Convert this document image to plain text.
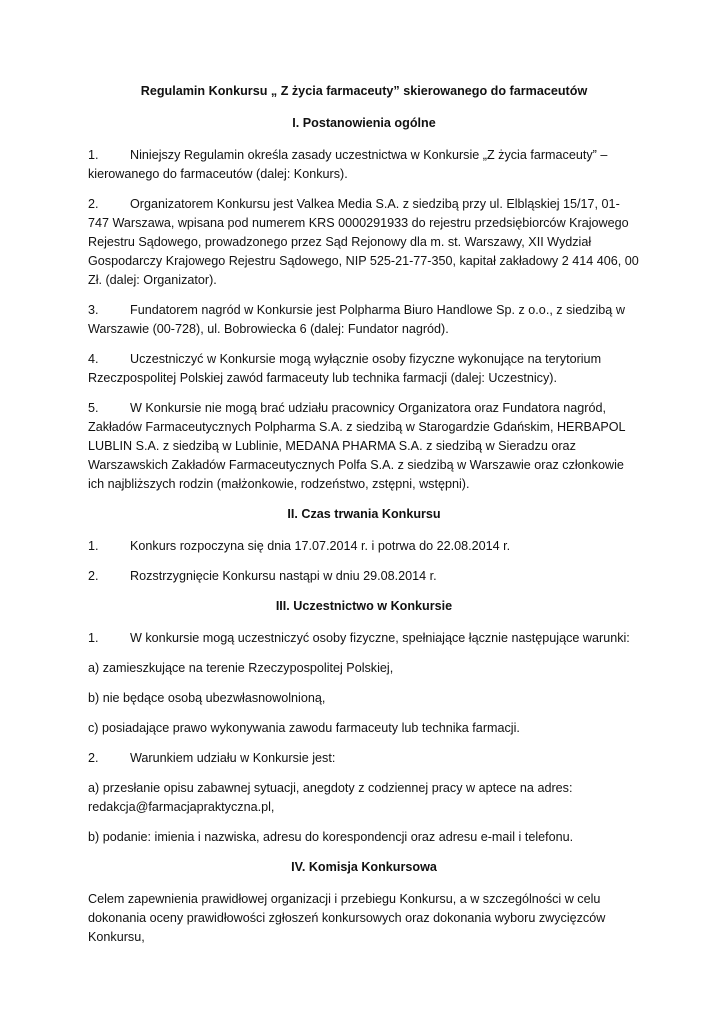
Regulamin Konkursu „ Z życia farmaceuty” skierowanego do farmaceutów

I. Postanowienia ogólne

1. Niniejszy Regulamin określa zasady uczestnictwa w Konkursie „Z życia farmaceuty” – kierowanego do farmaceutów (dalej: Konkurs).

2. Organizatorem Konkursu jest Valkea Media S.A. z siedzibą przy ul. Elbląskiej 15/17, 01-747 Warszawa, wpisana pod numerem KRS 0000291933 do rejestru przedsiębiorców Krajowego Rejestru Sądowego, prowadzonego przez Sąd Rejonowy dla m. st. Warszawy, XII Wydział Gospodarczy Krajowego Rejestru Sądowego, NIP 525-21-77-350, kapitał zakładowy 2 414 406, 00 Zł. (dalej: Organizator).

3. Fundatorem nagród w Konkursie jest Polpharma Biuro Handlowe Sp. z o.o., z siedzibą w Warszawie (00-728), ul. Bobrowiecka 6 (dalej: Fundator nagród).

4. Uczestniczyć w Konkursie mogą wyłącznie osoby fizyczne wykonujące na terytorium Rzeczpospolitej Polskiej zawód farmaceuty lub technika farmacji (dalej: Uczestnicy).

5. W Konkursie nie mogą brać udziału pracownicy Organizatora oraz Fundatora nagród, Zakładów Farmaceutycznych Polpharma S.A. z siedzibą w Starogardzie Gdańskim, HERBAPOL LUBLIN S.A. z siedzibą w Lublinie, MEDANA PHARMA S.A. z siedzibą w Sieradzu oraz Warszawskich Zakładów Farmaceutycznych Polfa S.A. z siedzibą w Warszawie oraz członkowie ich najbliższych rodzin (małżonkowie, rodzeństwo, zstępni, wstępni).

II. Czas trwania Konkursu

1. Konkurs rozpoczyna się dnia 17.07.2014 r. i potrwa do 22.08.2014 r.

2. Rozstrzygnięcie Konkursu nastąpi w dniu 29.08.2014 r.

III. Uczestnictwo w Konkursie

1. W konkursie mogą uczestniczyć osoby fizyczne, spełniające łącznie następujące warunki:

a) zamieszkujące na terenie Rzeczypospolitej Polskiej,

b) nie będące osobą ubezwłasnowolnioną,

c) posiadające prawo wykonywania zawodu farmaceuty lub technika farmacji.

2. Warunkiem udziału w Konkursie jest:

a) przesłanie opisu zabawnej sytuacji, anegdoty z codziennej pracy w aptece na adres: redakcja@farmacjapraktyczna.pl,

b) podanie: imienia i nazwiska, adresu do korespondencji oraz adresu e-mail i telefonu.

IV. Komisja Konkursowa

Celem zapewnienia prawidłowej organizacji i przebiegu Konkursu, a w szczególności w celu dokonania oceny prawidłowości zgłoszeń konkursowych oraz dokonania wyboru zwycięzców Konkursu,
